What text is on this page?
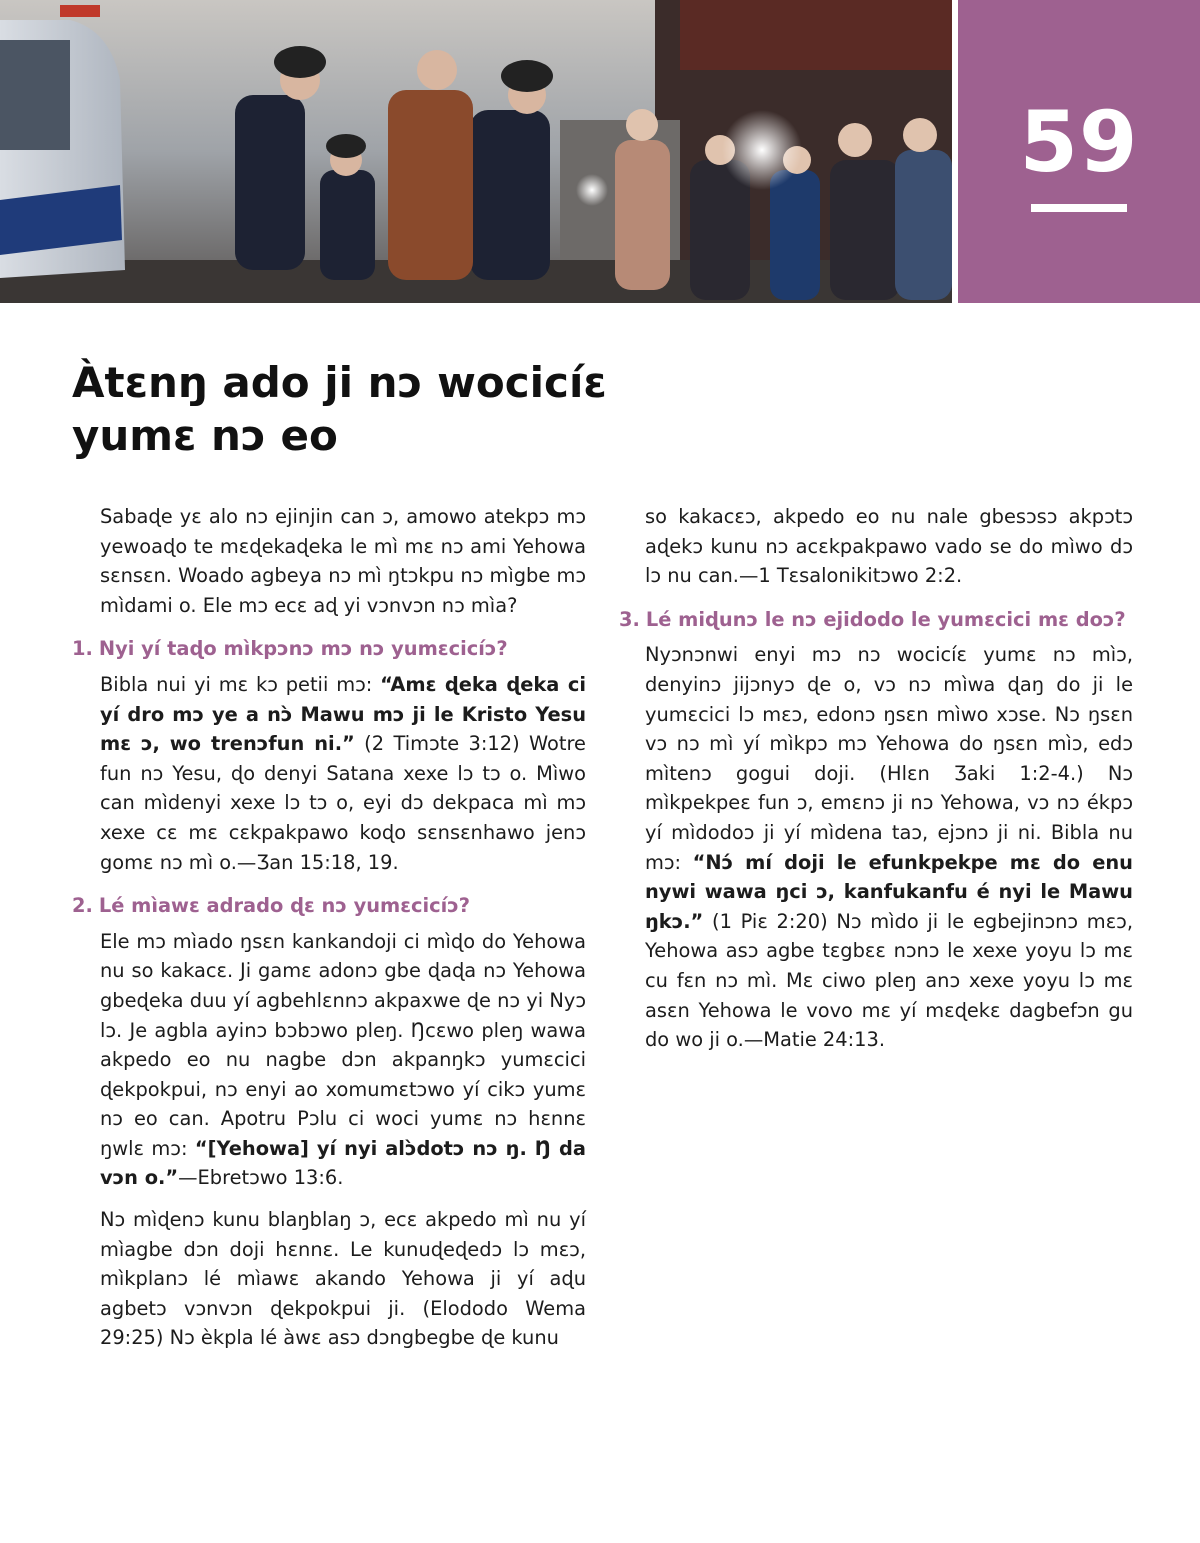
59
Àtɛnŋ ado ji nɔ wocicíɛ
yumɛ nɔ eo

Sabaɖe yɛ alo nɔ ejinjin can ɔ, amowo atekpɔ mɔ yewoaɖo te mɛɖekaɖeka le mì mɛ nɔ ami Yehowa sɛnsɛn. Woado agbeya nɔ mì ŋtɔkpu nɔ mìgbe mɔ mìdami o. Ele mɔ ecɛ aɖ yi vɔnvɔn nɔ mìa?

1. Nyi yí taɖo mìkpɔnɔ mɔ nɔ yumɛcicíɔ?

Bibla nui yi mɛ kɔ petii mɔ: “Amɛ ɖeka ɖeka ci yí dro mɔ ye a nɔ̀ Mawu mɔ ji le Kristo Yesu mɛ ɔ, wo trenɔfun ni.” (2 Timɔte 3:12) Wotre fun nɔ Yesu, ɖo denyi Satana xexe lɔ tɔ o. Mìwo can mìdenyi xexe lɔ tɔ o, eyi dɔ dekpaca mì mɔ xexe cɛ mɛ cɛkpakpawo koɖo sɛnsɛnhawo jenɔ gomɛ nɔ mì o.—Ʒan 15:18, 19.

2. Lé mìawɛ adrado ɖɛ nɔ yumɛcicíɔ?

Ele mɔ mìado ŋsɛn kankandoji ci mìɖo do Yehowa nu so kakacɛ. Ji gamɛ adonɔ gbe ɖaɖa nɔ Yehowa gbeɖeka duu yí agbehlɛnnɔ akpaxwe ɖe nɔ yi Nyɔ lɔ. Je agbla ayinɔ bɔbɔwo pleŋ. Ŋcɛwo pleŋ wawa akpedo eo nu nagbe dɔn akpanŋkɔ yumɛcici ɖekpokpui, nɔ enyi ao xomumɛtɔwo yí cikɔ yumɛ nɔ eo can. Apotru Pɔlu ci woci yumɛ nɔ hɛnnɛ ŋwlɛ mɔ: “[Yehowa] yí nyi alɔ̀dotɔ nɔ ŋ. Ŋ da vɔn o.”—Ebretɔwo 13:6.

Nɔ mìɖenɔ kunu blaŋblaŋ ɔ, ecɛ akpedo mì nu yí mìagbe dɔn doji hɛnnɛ. Le kunuɖeɖedɔ lɔ mɛɔ, mìkplanɔ lé mìawɛ akando Yehowa ji yí aɖu agbetɔ vɔnvɔn ɖekpokpui ji. (Elododo Wema 29:25) Nɔ èkpla lé àwɛ asɔ dɔngbegbe ɖe kunu

so kakacɛɔ, akpedo eo nu nale gbesɔsɔ akpɔtɔ aɖekɔ kunu nɔ acɛkpakpawo vado se do mìwo dɔ lɔ nu can.—1 Tɛsalonikitɔwo 2:2.

3. Lé miɖunɔ le nɔ ejidodo le yumɛcici mɛ doɔ?

Nyɔnɔnwi enyi mɔ nɔ wocicíɛ yumɛ nɔ mìɔ, denyinɔ jijɔnyɔ ɖe o, vɔ nɔ mìwa ɖaŋ do ji le yumɛcici lɔ mɛɔ, edonɔ ŋsɛn mìwo xɔse. Nɔ ŋsɛn vɔ nɔ mì yí mìkpɔ mɔ Yehowa do ŋsɛn mìɔ, edɔ mìtenɔ gogui doji. (Hlɛn Ʒaki 1:2-4.) Nɔ mìkpekpeɛ fun ɔ, emɛnɔ ji nɔ Yehowa, vɔ nɔ ékpɔ yí mìdodoɔ ji yí mìdena taɔ, ejɔnɔ ji ni. Bibla nu mɔ: “Nɔ́ mí doji le efunkpekpe mɛ do enu nywi wawa ŋci ɔ, kanfukanfu é nyi le Mawu ŋkɔ.” (1 Piɛ 2:20) Nɔ mìdo ji le egbejinɔnɔ mɛɔ, Yehowa asɔ agbe tɛgbɛɛ nɔnɔ le xexe yoyu lɔ mɛ cu fɛn nɔ mì. Mɛ ciwo pleŋ anɔ xexe yoyu lɔ mɛ asɛn Yehowa le vovo mɛ yí mɛɖekɛ dagbefɔn gu do wo ji o.—Matie 24:13.
